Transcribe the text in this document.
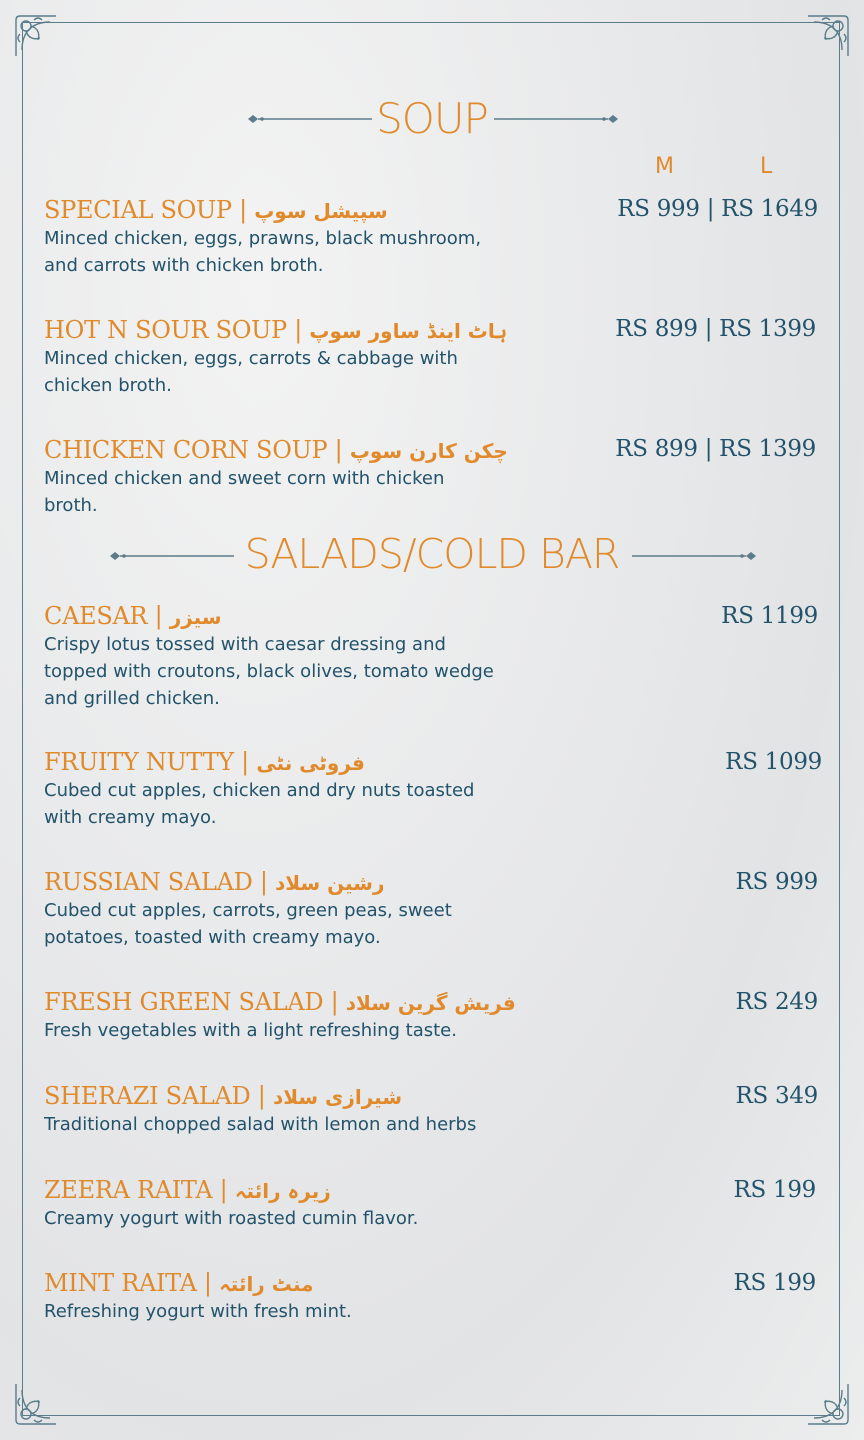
SOUP
M	L
SPECIAL SOUP | سپیشل سوپ
Minced chicken, eggs, prawns, black mushroom,
and carrots with chicken broth.
RS 999 | RS 1649
HOT N SOUR SOUP | ہاٹ اینڈ ساور سوپ
Minced chicken, eggs, carrots & cabbage with
chicken broth.
RS 899 | RS 1399
CHICKEN CORN SOUP | چکن کارن سوپ
Minced chicken and sweet corn with chicken
broth.
RS 899 | RS 1399
SALADS/COLD BAR
CAESAR | سیزر
Crispy lotus tossed with caesar dressing and
topped with croutons, black olives, tomato wedge
and grilled chicken.
RS 1199
FRUITY NUTTY | فروٹی نٹی
Cubed cut apples, chicken and dry nuts toasted
with creamy mayo.
RS 1099
RUSSIAN SALAD | رشین سلاد
Cubed cut apples, carrots, green peas, sweet
potatoes, toasted with creamy mayo.
RS 999
FRESH GREEN SALAD | فریش گرین سلاد
Fresh vegetables with a light refreshing taste.
RS 249
SHERAZI SALAD | شیرازی سلاد
Traditional chopped salad with lemon and herbs
RS 349
ZEERA RAITA | زیرہ رائتہ
Creamy yogurt with roasted cumin flavor.
RS 199
MINT RAITA | منٹ رائتہ
Refreshing yogurt with fresh mint.
RS 199
